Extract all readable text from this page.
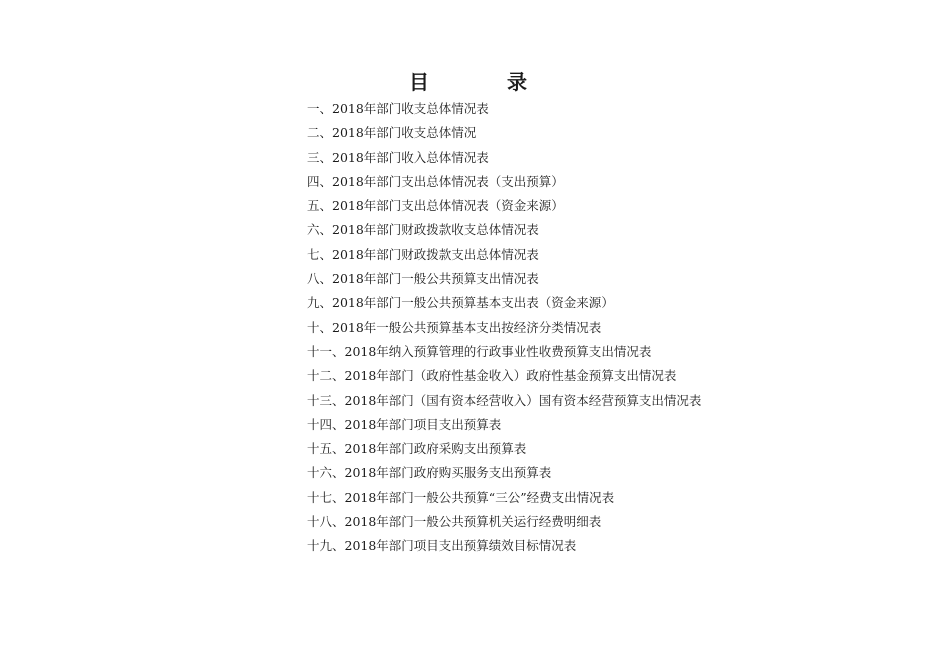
目	录
一、2018年部门收支总体情况表
二、2018年部门收支总体情况
三、2018年部门收入总体情况表
四、2018年部门支出总体情况表（支出预算）
五、2018年部门支出总体情况表（资金来源）
六、2018年部门财政拨款收支总体情况表
七、2018年部门财政拨款支出总体情况表
八、2018年部门一般公共预算支出情况表
九、2018年部门一般公共预算基本支出表（资金来源）
十、2018年一般公共预算基本支出按经济分类情况表
十一、2018年纳入预算管理的行政事业性收费预算支出情况表
十二、2018年部门（政府性基金收入）政府性基金预算支出情况表
十三、2018年部门（国有资本经营收入）国有资本经营预算支出情况表
十四、2018年部门项目支出预算表
十五、2018年部门政府采购支出预算表
十六、2018年部门政府购买服务支出预算表
十七、2018年部门一般公共预算“三公”经费支出情况表
十八、2018年部门一般公共预算机关运行经费明细表
十九、2018年部门项目支出预算绩效目标情况表
